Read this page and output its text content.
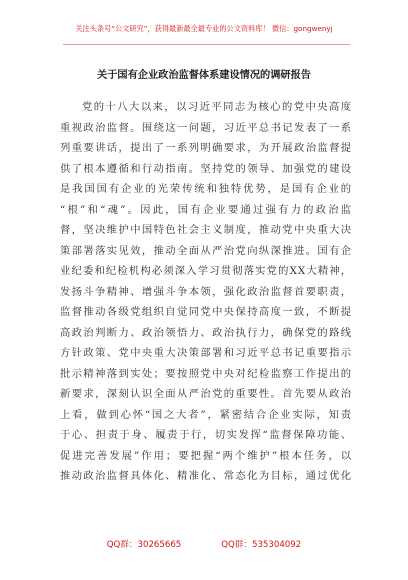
关注头条号“公文研究”，获得最新最全最专业的公文资料库！ 微信：gongwenyj
关于国有企业政治监督体系建设情况的调研报告
党的十八大以来，以习近平同志为核心的党中央高度
重视政治监督。围绕这一问题，习近平总书记发表了一系
列重要讲话，提出了一系列明确要求，为开展政治监督提
供了根本遵循和行动指南。坚持党的领导、加强党的建设
是我国国有企业的光荣传统和独特优势，是国有企业的
“根”和“魂”。因此，国有企业要通过强有力的政治监
督，坚决维护中国特色社会主义制度，推动党中央重大决
策部署落实见效，推动全面从严治党向纵深推进。国有企
业纪委和纪检机构必须深入学习贯彻落实党的XX大精神，
发扬斗争精神、增强斗争本领，强化政治监督首要职责，
监督推动各级党组织自觉同党中央保持高度一致，不断提
高政治判断力、政治领悟力、政治执行力，确保党的路线
方针政策、党中央重大决策部署和习近平总书记重要指示
批示精神落到实处；要按照党中央对纪检监察工作提出的
新要求，深刻认识全面从严治党的重要性。首先要从政治
上看，做到心怀“国之大者”，紧密结合企业实际，知责
于心、担责于身、履责于行，切实发挥“监督保障功能、
促进完善发展”作用；要把握“两个维护”根本任务，以
推动政治监督具体化、精准化、常态化为目标，通过优化
QQ群：30265665	QQ群：535304092
